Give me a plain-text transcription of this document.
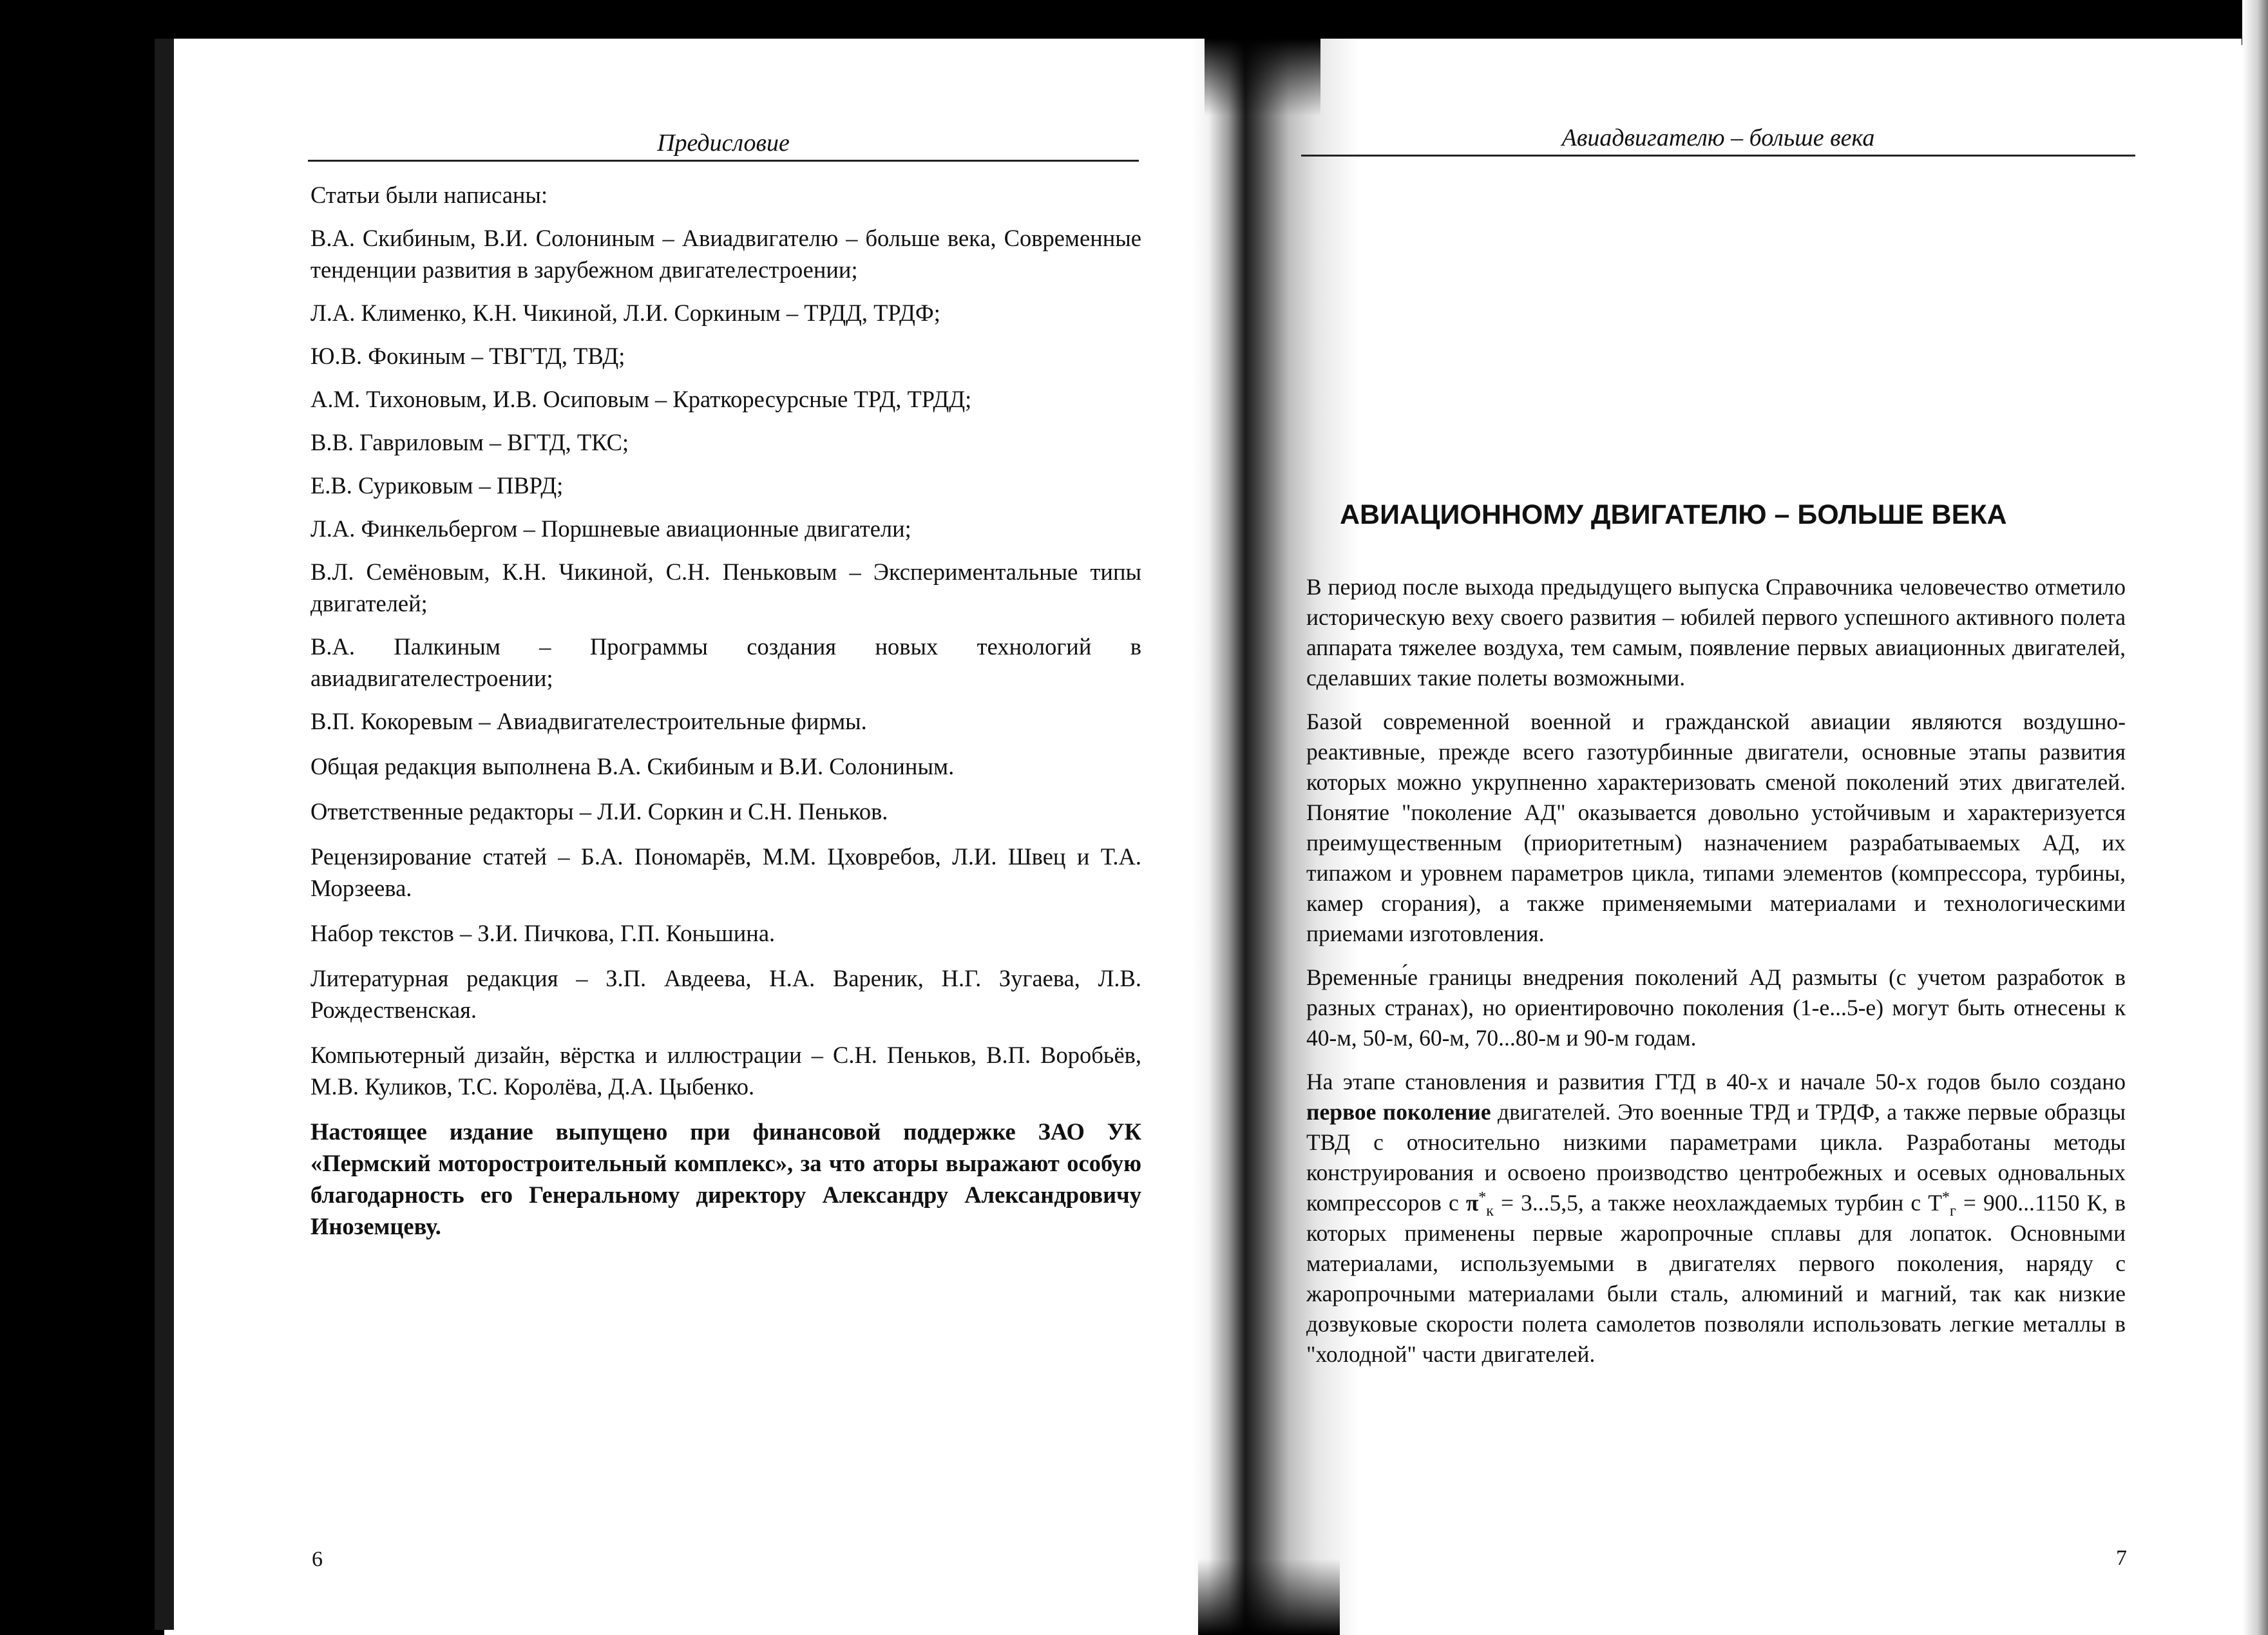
Предисловие

Статьи были написаны:

В.А. Скибиным, В.И. Солониным – Авиадвигателю – больше века, Современные тенденции развития в зарубежном двигателестроении;

Л.А. Клименко, К.Н. Чикиной, Л.И. Соркиным – ТРДД, ТРДФ;

Ю.В. Фокиным – ТВГТД, ТВД;

А.М. Тихоновым, И.В. Осиповым – Краткоресурсные ТРД, ТРДД;

В.В. Гавриловым – ВГТД, ТКС;

Е.В. Суриковым – ПВРД;

Л.А. Финкельбергом – Поршневые авиационные двигатели;

В.Л. Семёновым, К.Н. Чикиной, С.Н. Пеньковым – Экспериментальные типы двигателей;

В.А. Палкиным – Программы создания новых технологий в авиадвигателестроении;

В.П. Кокоревым – Авиадвигателестроительные фирмы.

Общая редакция выполнена В.А. Скибиным и В.И. Солониным.

Ответственные редакторы – Л.И. Соркин и С.Н. Пеньков.

Рецензирование статей – Б.А. Пономарёв, М.М. Цховребов, Л.И. Швец и Т.А. Морзеева.

Набор текстов – З.И. Пичкова, Г.П. Коньшина.

Литературная редакция – З.П. Авдеева, Н.А. Вареник, Н.Г. Зугаева, Л.В. Рождественская.

Компьютерный дизайн, вёрстка и иллюстрации – С.Н. Пеньков, В.П. Воробьёв, М.В. Куликов, Т.С. Королёва, Д.А. Цыбенко.

Настоящее издание выпущено при финансовой поддержке ЗАО УК «Пермский моторостроительный комплекс», за что аторы выражают особую благодарность его Генеральному директору Александру Александровичу Иноземцеву.

6
Авиадвигателю – больше века
АВИАЦИОННОМУ ДВИГАТЕЛЮ – БОЛЬШЕ ВЕКА

В период после выхода предыдущего выпуска Справочника человечество отметило историческую веху своего развития – юбилей первого успешного активного полета аппарата тяжелее воздуха, тем самым, появление первых авиационных двигателей, сделавших такие полеты возможными.

Базой современной военной и гражданской авиации являются воздушно-реактивные, прежде всего газотурбинные двигатели, основные этапы развития которых можно укрупненно характеризовать сменой поколений этих двигателей. Понятие "поколение АД" оказывается довольно устойчивым и характеризуется преимущественным (приоритетным) назначением разрабатываемых АД, их типажом и уровнем параметров цикла, типами элементов (компрессора, турбины, камер сгорания), а также применяемыми материалами и технологическими приемами изготовления.

Временны́е границы внедрения поколений АД размыты (с учетом разработок в разных странах), но ориентировочно поколения (1-е...5-е) могут быть отнесены к 40-м, 50-м, 60-м, 70...80-м и 90-м годам.

На этапе становления и развития ГТД в 40-х и начале 50-х годов было создано первое поколение двигателей. Это военные ТРД и ТРДФ, а также первые образцы ТВД с относительно низкими параметрами цикла. Разработаны методы конструирования и освоено производство центробежных и осевых одновальных компрессоров с $\pi^*_к = 3...5,5$, а также неохлаждаемых турбин с $Т^*_г = 900...1150$ К, в которых применены первые жаропрочные сплавы для лопаток. Основными материалами, используемыми в двигателях первого поколения, наряду с жаропрочными материалами были сталь, алюминий и магний, так как низкие дозвуковые скорости полета самолетов позволяли использовать легкие металлы в "холодной" части двигателей.

7
